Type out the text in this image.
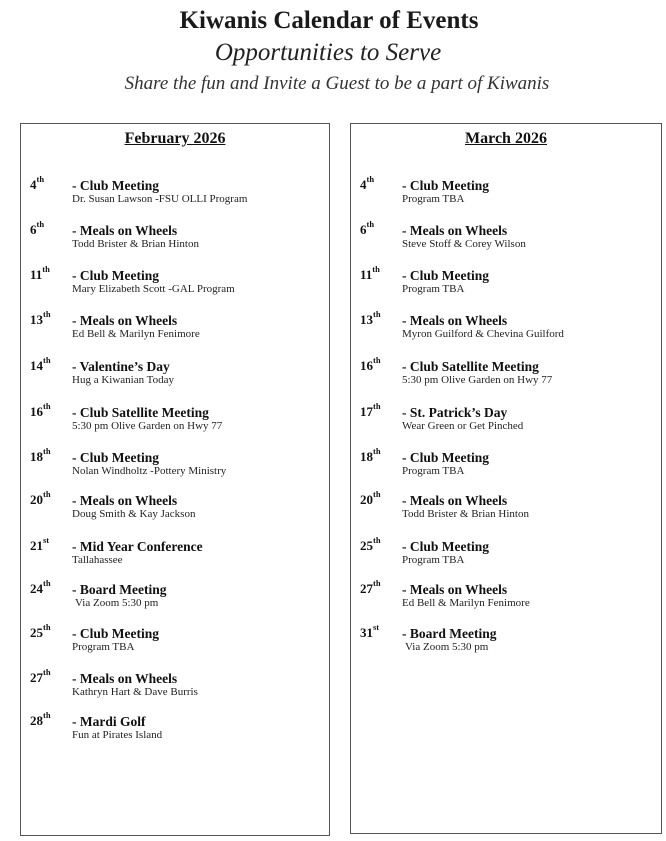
Kiwanis Calendar of Events
Opportunities to Serve
Share the fun and Invite a Guest to be a part of Kiwanis
February 2026
4th - Club Meeting
Dr. Susan Lawson -FSU OLLI Program
6th - Meals on Wheels
Todd Brister & Brian Hinton
11th - Club Meeting
Mary Elizabeth Scott -GAL Program
13th - Meals on Wheels
Ed Bell & Marilyn Fenimore
14th - Valentine’s Day
Hug a Kiwanian Today
16th - Club Satellite Meeting
5:30 pm Olive Garden on Hwy 77
18th - Club Meeting
Nolan Windholtz -Pottery Ministry
20th - Meals on Wheels
Doug Smith & Kay Jackson
21st - Mid Year Conference
Tallahassee
24th - Board Meeting
Via Zoom 5:30 pm
25th - Club Meeting
Program TBA
27th - Meals on Wheels
Kathryn Hart & Dave Burris
28th - Mardi Golf
Fun at Pirates Island
March 2026
4th - Club Meeting
Program TBA
6th - Meals on Wheels
Steve Stoff & Corey Wilson
11th - Club Meeting
Program TBA
13th - Meals on Wheels
Myron Guilford & Chevina Guilford
16th - Club Satellite Meeting
5:30 pm Olive Garden on Hwy 77
17th - St. Patrick’s Day
Wear Green or Get Pinched
18th - Club Meeting
Program TBA
20th - Meals on Wheels
Todd Brister & Brian Hinton
25th - Club Meeting
Program TBA
27th - Meals on Wheels
Ed Bell & Marilyn Fenimore
31st - Board Meeting
Via Zoom 5:30 pm
